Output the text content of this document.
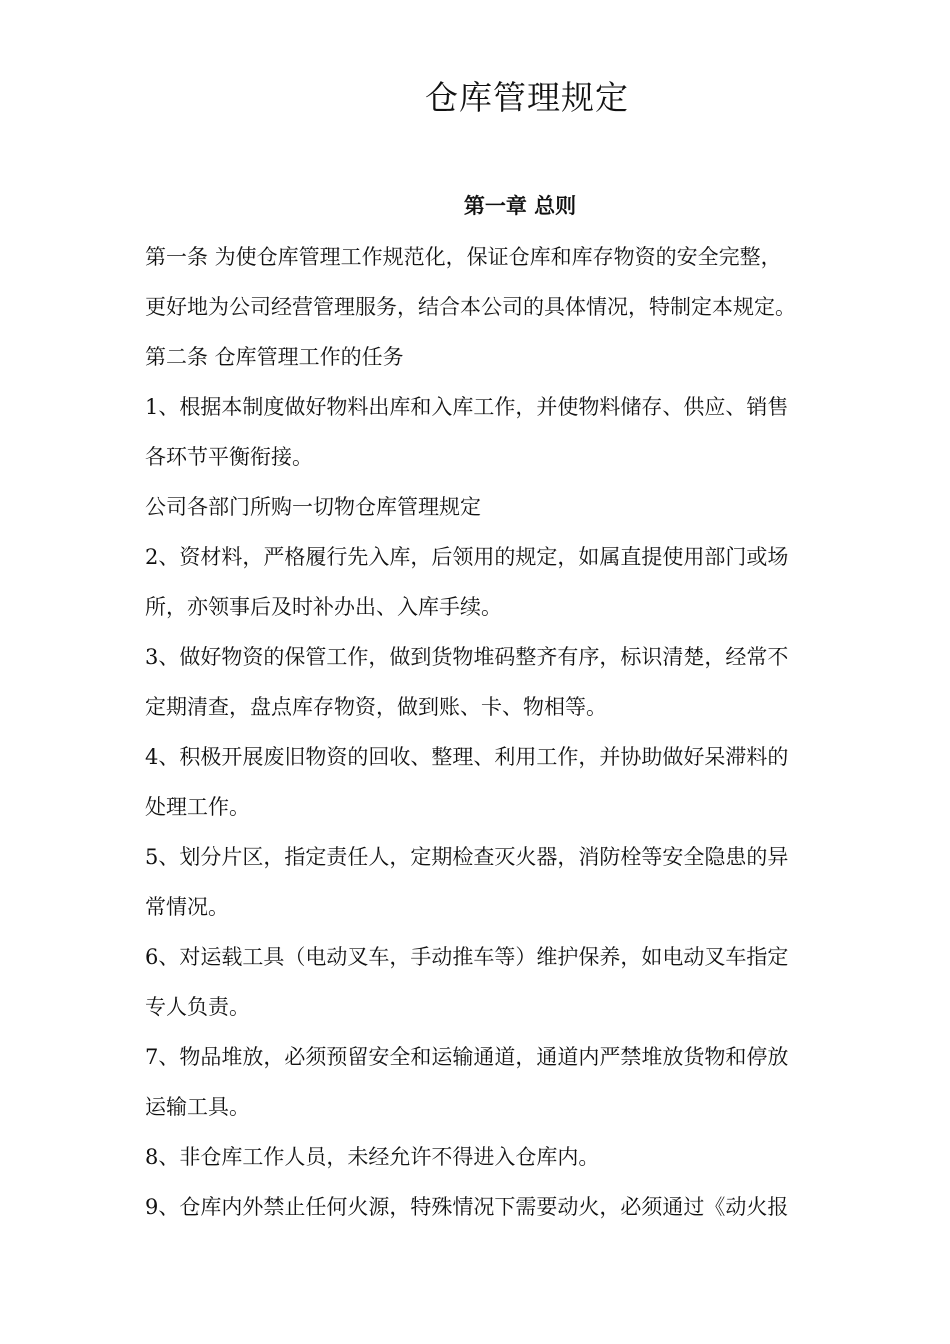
仓库管理规定
第一章 总则
第一条 为使仓库管理工作规范化，保证仓库和库存物资的安全完整，
更好地为公司经营管理服务，结合本公司的具体情况，特制定本规定。
第二条 仓库管理工作的任务
1、根据本制度做好物料出库和入库工作，并使物料储存、供应、销售
各环节平衡衔接。
公司各部门所购一切物仓库管理规定
2、资材料，严格履行先入库，后领用的规定，如属直提使用部门或场
所，亦领事后及时补办出、入库手续。
3、做好物资的保管工作，做到货物堆码整齐有序，标识清楚，经常不
定期清查，盘点库存物资，做到账、卡、物相等。
4、积极开展废旧物资的回收、整理、利用工作，并协助做好呆滞料的
处理工作。
5、划分片区，指定责任人，定期检查灭火器，消防栓等安全隐患的异
常情况。
6、对运载工具（电动叉车，手动推车等）维护保养，如电动叉车指定
专人负责。
7、物品堆放，必须预留安全和运输通道，通道内严禁堆放货物和停放
运输工具。
8、非仓库工作人员，未经允许不得进入仓库内。
9、仓库内外禁止任何火源，特殊情况下需要动火，必须通过《动火报
